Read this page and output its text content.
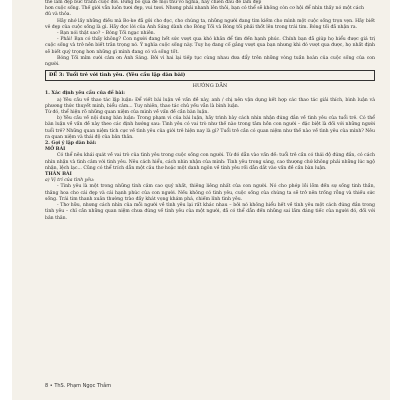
thể làm đẹp bức tranh cuộc đời. Đừng bỏ qua để mọi thứ vô nghĩa, hãy chiến đấu để làm đẹp

hơn cuộc sống. Thế giới vẫn luôn tươi đẹp, vui tươi. Nhưng phải nhanh lên thôi, bạn có thể sẽ không còn cơ hội để nhìn thấy nó một cách

đủ và thỏa.

Hãy nhớ lấy những điều mà Bo-ke đã gửi cho đọc, cho chúng ta, những người đang tìm kiếm cho mình một cuộc sống trọn vẹn. Hãy biết vẻ đẹp của cuộc sống là gì. Hãy đọc lời của Ánh Sáng dành cho Bóng Tối và Bóng tối phải thốt lên trong trái tim. Bóng tối đã nhận ra.

- Bạn nói thật sao? – Bóng Tối ngạc nhiên.

- Phải! Bạn có thấy không? Con người đang hết sức vượt qua khó khăn để tìm đến hạnh phúc. Chính bạn đã giúp họ hiểu được giá trị cuộc sống và trở nên biết trân trọng nó. Ý nghĩa cuộc sống này. Tuy họ đang cố gắng vượt qua bạn nhưng khi đó vượt qua được, họ nhất định sẽ biết quý trọng hơn những gì mình đang có và sống tốt.

Bóng Tối mỉm cười cảm ơn Ánh Sáng. Bởi vì hai lại tiếp tục cùng nhau đưa đẩy trên những vòng tuần hoàn của cuộc sống của con người.

ĐỀ 3: Tuổi trẻ với tình yêu. (Yêu cầu lập dàn bài)

HƯỚNG DẪN

1. Xác định yêu cầu của đề bài:

a) Yêu cầu về thao tác lập luận: Để viết bài luận về vấn đề này, anh / chị nên vận dụng kết hợp các thao tác giải thích, bình luận và phương thức thuyết minh, biểu cảm... Tuy nhiên, thao tác chủ yếu vẫn là bình luận.

Từ đó, thể hiện rõ những quan niệm của mình về vấn đề cần bàn luận.

b) Yêu cầu về nội dung bàn luận: Trong phạm vi của bài luận, hãy trình bày cách nhìn nhận đúng đắn về tình yêu của tuổi trẻ. Có thể bàn luận về vấn đề này theo các định hướng sau: Tình yêu có vai trò như thế nào trong tâm hồn con người – đặc biệt là đối với những người tuổi trẻ? Những quan niệm tích cực về tình yêu của giới trẻ hiện nay là gì? Tuổi trẻ cần có quan niệm như thế nào về tình yêu của mình? Nêu ra quan niệm và thái độ của bản thân.

2. Gợi ý lập dàn bài:

MỞ BÀI

Có thể nêu khái quát về vai trò của tình yêu trong cuộc sống con người. Từ đó dẫn vào vấn đề: tuổi trẻ cần có thái độ đúng đắn, có cách nhìn nhận và tình cảm với tình yêu. Nêu cách hiểu, cách nhìn nhận của mình: Tình yêu trong sáng, cao thượng chứ không phải những lúc ngộ nhận, lệch lạc... Cũng có thể trích dẫn một câu thơ hoặc một danh ngôn về tình yêu rồi dẫn dắt vào vấn đề cần bàn luận.

THÂN BÀI

a) Vị trí của tình yêu:

- Tình yêu là một trong những tình cảm cao quý nhất, thiêng liêng nhất của con người. Nó cho phép lồi lõm đến sự sống tinh thần, thăng hoa cho cái đẹp và cái hạnh phúc của con người. Nếu không có tình yêu, cuộc sống của chúng ta sẽ trở nên trống rỗng và thiếu sức sống. Trái tim thanh xuân thường trào đầy khát vọng khám phá, chiếm lĩnh tình yêu.

- Thơ hữu, nhưng cách nhìn của mỗi người về tình yêu lại rất khác nhau – bởi nó không hiểu hết về tình yêu một cách đúng đắn trong tình yêu – chỉ cần những quan niệm chưa đúng về tình yêu của một người, đã có thể dẫn đến những sai lầm đáng tiếc của người đó, đối với bản thân.

8 • ThS. Phạm Ngọc Thắm
